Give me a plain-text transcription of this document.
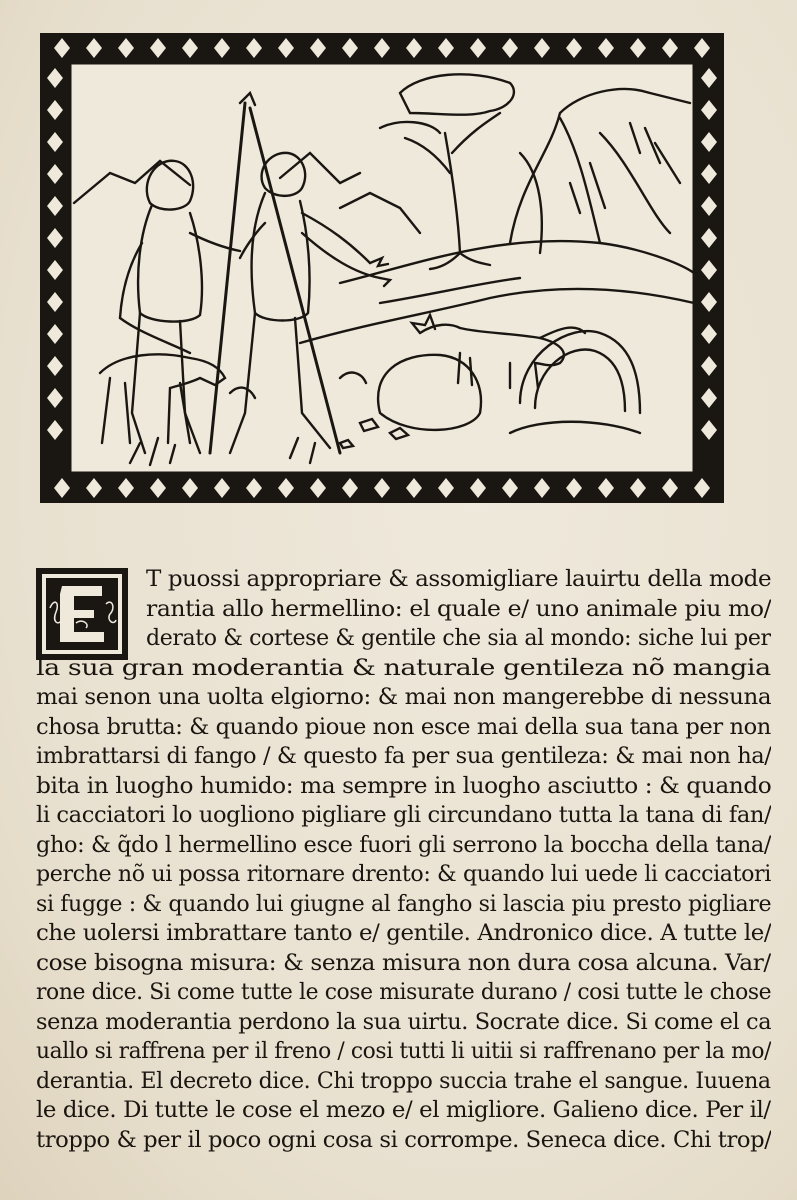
T puossi appropriare & assomigliare lauirtu della mode
rantia allo hermellino: el quale e/ uno animale piu mo/
derato & cortese & gentile che sia al mondo: siche lui per
la sua gran moderantia & naturale gentileza nõ mangia
mai senon una uolta elgiorno: & mai non mangerebbe di nessuna
chosa brutta: & quando pioue non esce mai della sua tana per non
imbrattarsi di fango / & questo fa per sua gentileza: & mai non ha/
bita in luogho humido: ma sempre in luogho asciutto : & quando
li cacciatori lo uogliono pigliare gli circundano tutta la tana di fan/
gho: & q̃do l hermellino esce fuori gli serrono la boccha della tana/
perche nõ ui possa ritornare drento: & quando lui uede li cacciatori
si fugge : & quando lui giugne al fangho si lascia piu presto pigliare
che uolersi imbrattare tanto e/ gentile. Andronico dice. A tutte le/
cose bisogna misura: & senza misura non dura cosa alcuna. Var/
rone dice. Si come tutte le cose misurate durano / cosi tutte le chose
senza moderantia perdono la sua uirtu. Socrate dice. Si come el ca
uallo si raffrena per il freno / cosi tutti li uitii si raffrenano per la mo/
derantia. El decreto dice. Chi troppo succia trahe el sangue. Iuuena
le dice. Di tutte le cose el mezo e/ el migliore. Galieno dice. Per il/
troppo & per il poco ogni cosa si corrompe. Seneca dice. Chi trop/
